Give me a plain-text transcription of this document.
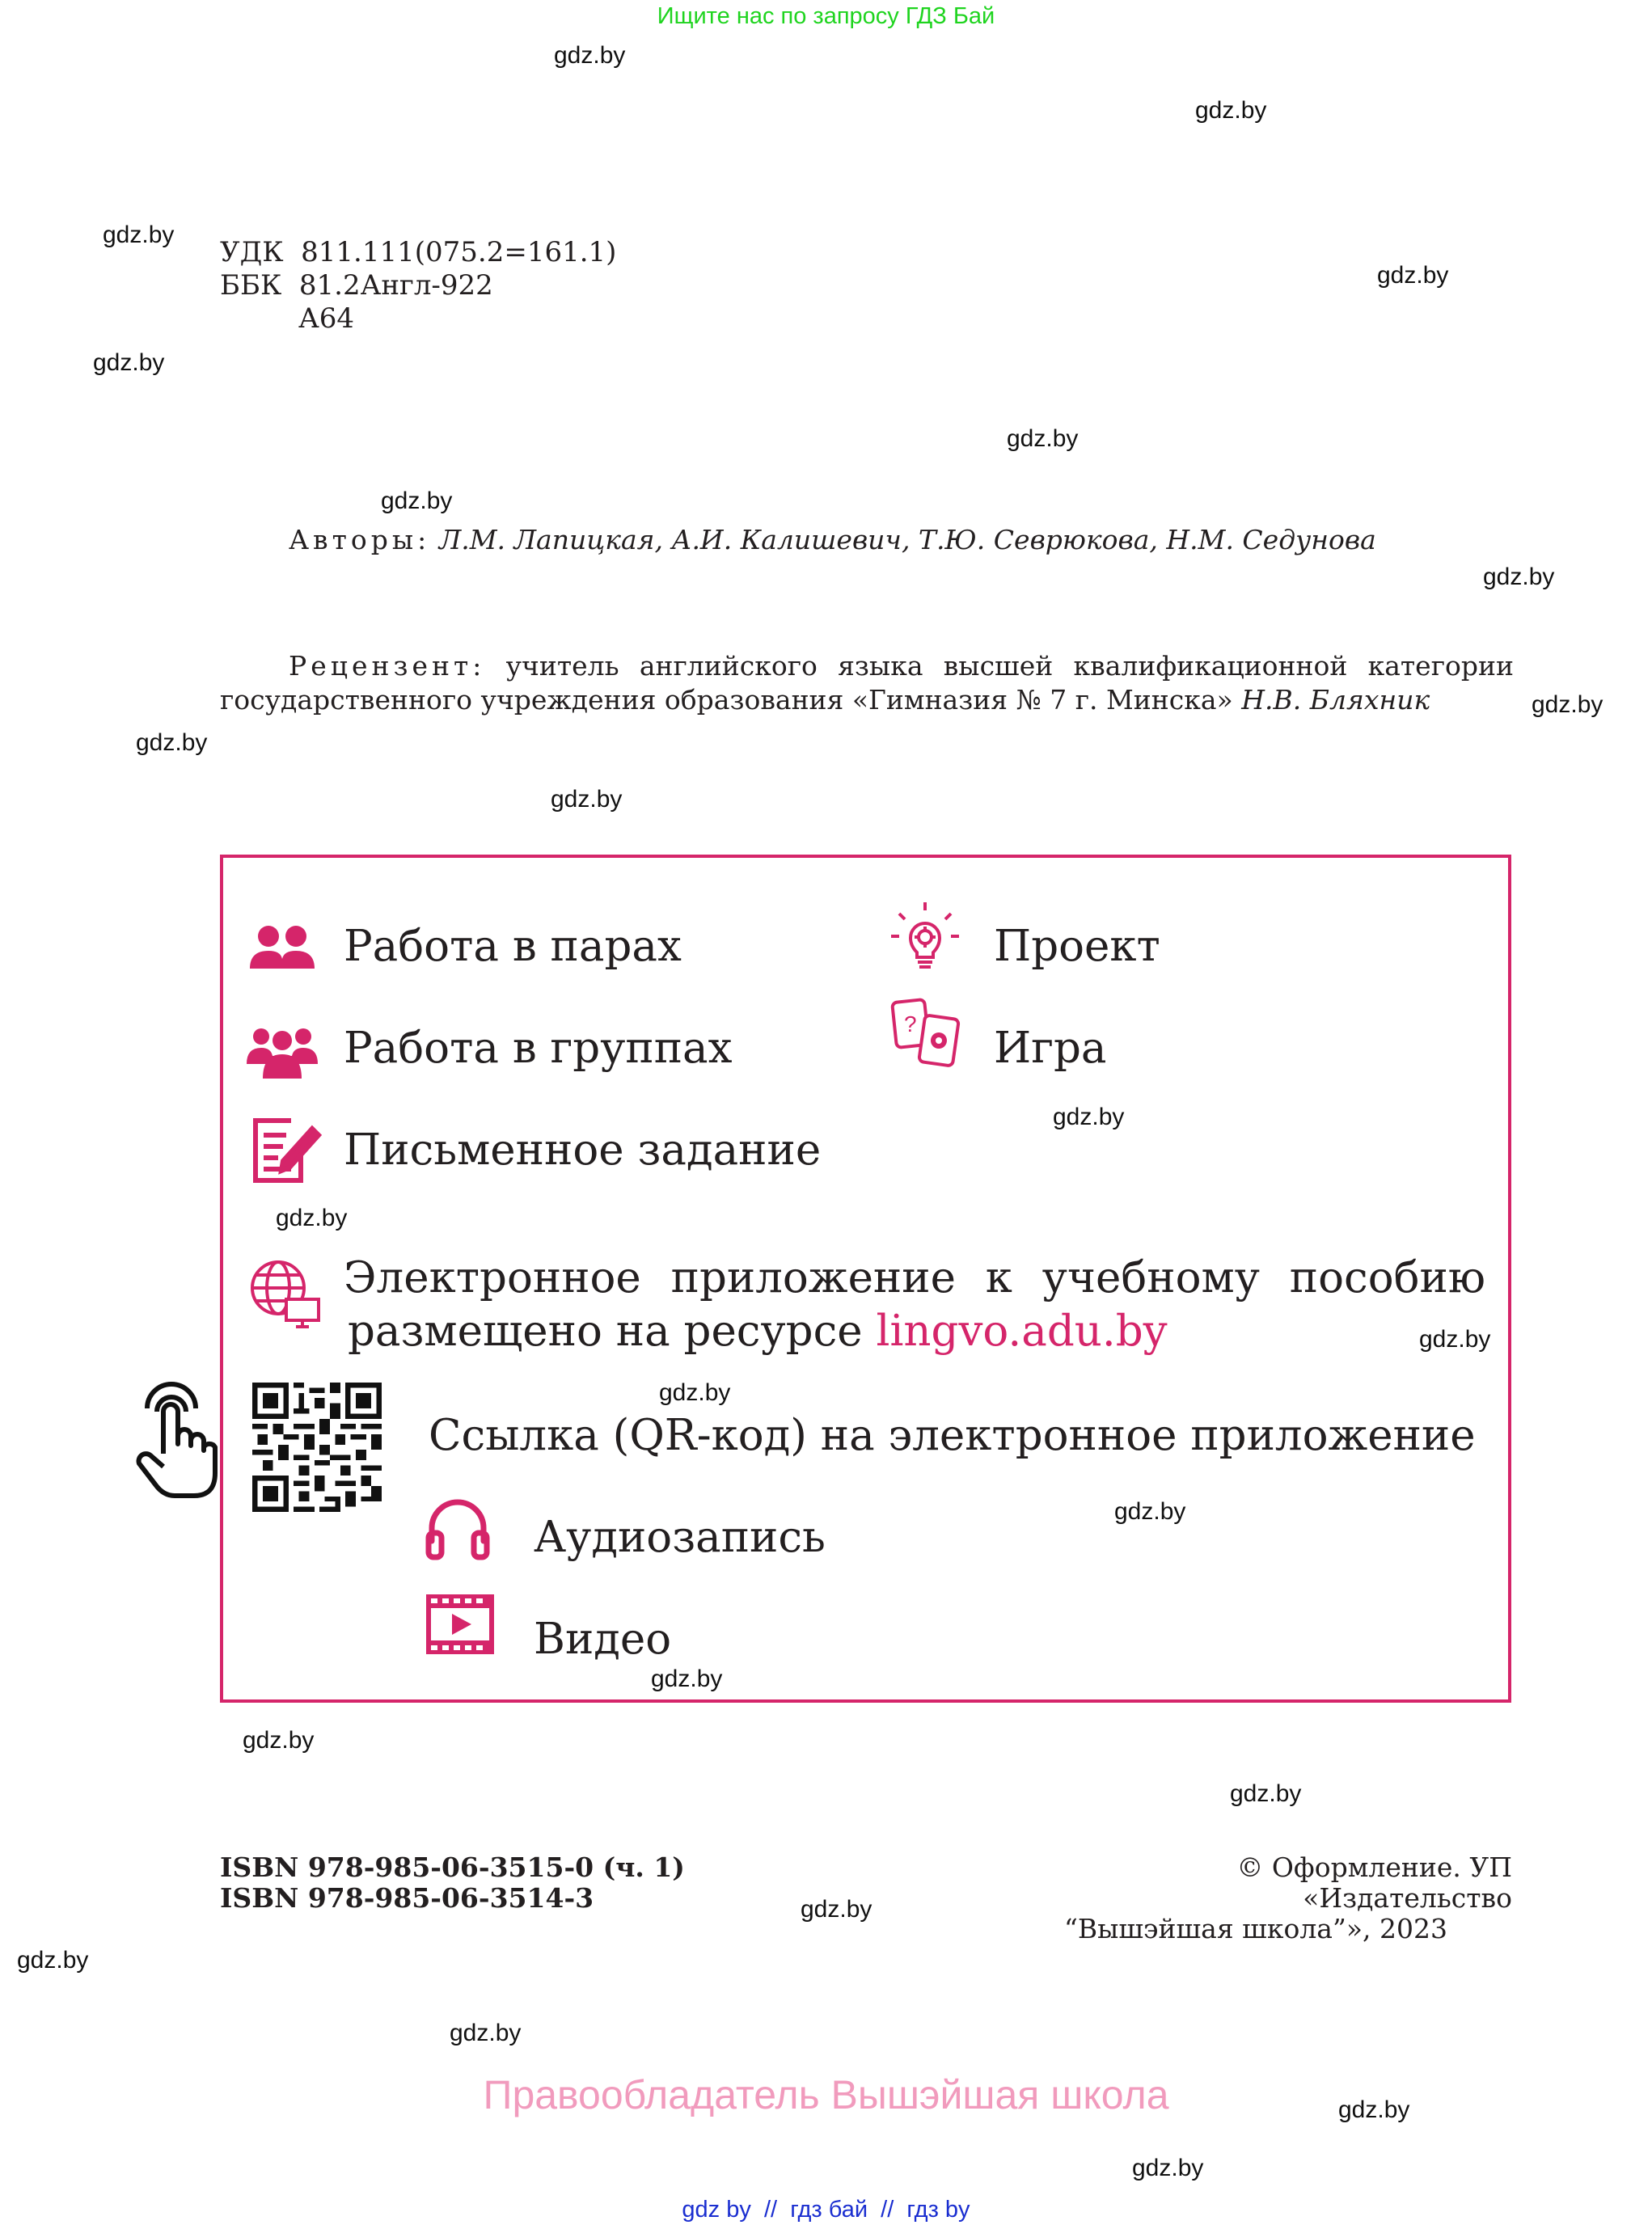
Ищите нас по запросу ГДЗ Бай
gdz.by
gdz.by
gdz.by
gdz.by
gdz.by
gdz.by
gdz.by
gdz.by
gdz.by
gdz.by
gdz.by
gdz.by
gdz.by
gdz.by
gdz.by
gdz.by
gdz.by
gdz.by
gdz.by
gdz.by
gdz.by
gdz.by
gdz.by
gdz.by
УДК  811.111(075.2=161.1)
ББК  81.2Англ-922
А64
Авторы: Л.М. Лапицкая, А.И. Калишевич, Т.Ю. Севрюкова, Н.М. Седунова

Рецензент: учитель английского языка высшей квалификационной категории государственного учреждения образования «Гимназия № 7 г. Минска» Н.В. Бляхник

Работа в парах
Работа в группах
Письменное задание
Проект
? Игра
Электронное приложение к учебному пособию
размещено на ресурсе lingvo.adu.by
Ссылка (QR-код) на электронное приложение
Аудиозапись
Видео
ISBN 978-985-06-3515-0 (ч. 1)
ISBN 978-985-06-3514-3
© Оформление. УП «Издательство
“Вышэйшая школа”», 2023
Правообладатель Вышэйшая школа
gdz by  //  гдз бай  //  гдз by
